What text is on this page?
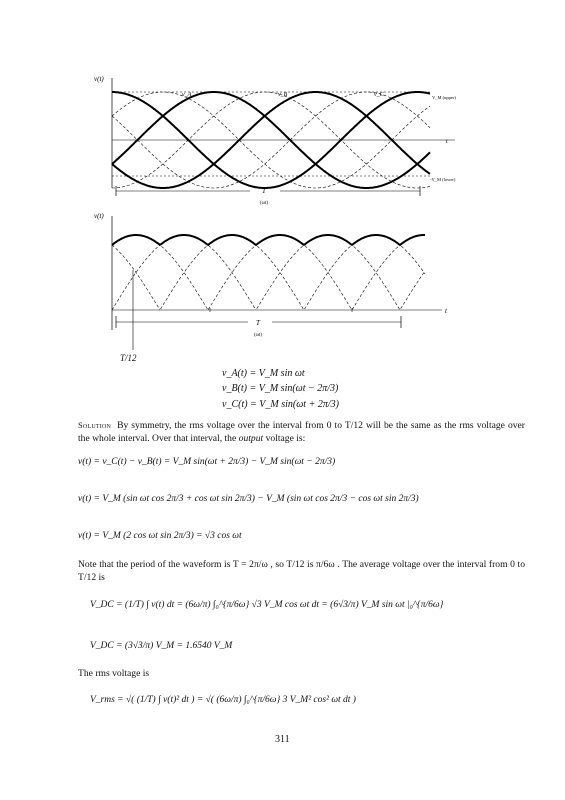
v(t)
v_A	v_B	v_C	V_M (upper)
t
-V_M (lower)
T
(ωt)
v(t)
t
T
(ωt)
T/12
v_A(t) = V_M sin ωt
v_B(t) = V_M sin(ωt − 2π/3)
v_C(t) = V_M sin(ωt + 2π/3)
Solution By symmetry, the rms voltage over the interval from 0 to T/12 will be the same as the rms voltage over the whole interval. Over that interval, the output voltage is:
v(t) = v_C(t) − v_B(t) = V_M sin(ωt + 2π/3) − V_M sin(ωt − 2π/3)
v(t) = V_M (sin ωt cos 2π/3 + cos ωt sin 2π/3) − V_M (sin ωt cos 2π/3 − cos ωt sin 2π/3)
v(t) = V_M (2 cos ωt sin 2π/3) = √3 cos ωt
Note that the period of the waveform is T = 2π/ω , so T/12 is π/6ω . The average voltage over the interval from 0 to T/12 is
V_DC = (1/T) ∫ v(t) dt = (6ω/π) ∫₀^{π/6ω} √3 V_M cos ωt dt = (6√3/π) V_M sin ωt |₀^{π/6ω}
V_DC = (3√3/π) V_M = 1.6540 V_M
The rms voltage is
V_rms = √( (1/T) ∫ v(t)² dt ) = √( (6ω/π) ∫₀^{π/6ω} 3 V_M² cos² ωt dt )
311
